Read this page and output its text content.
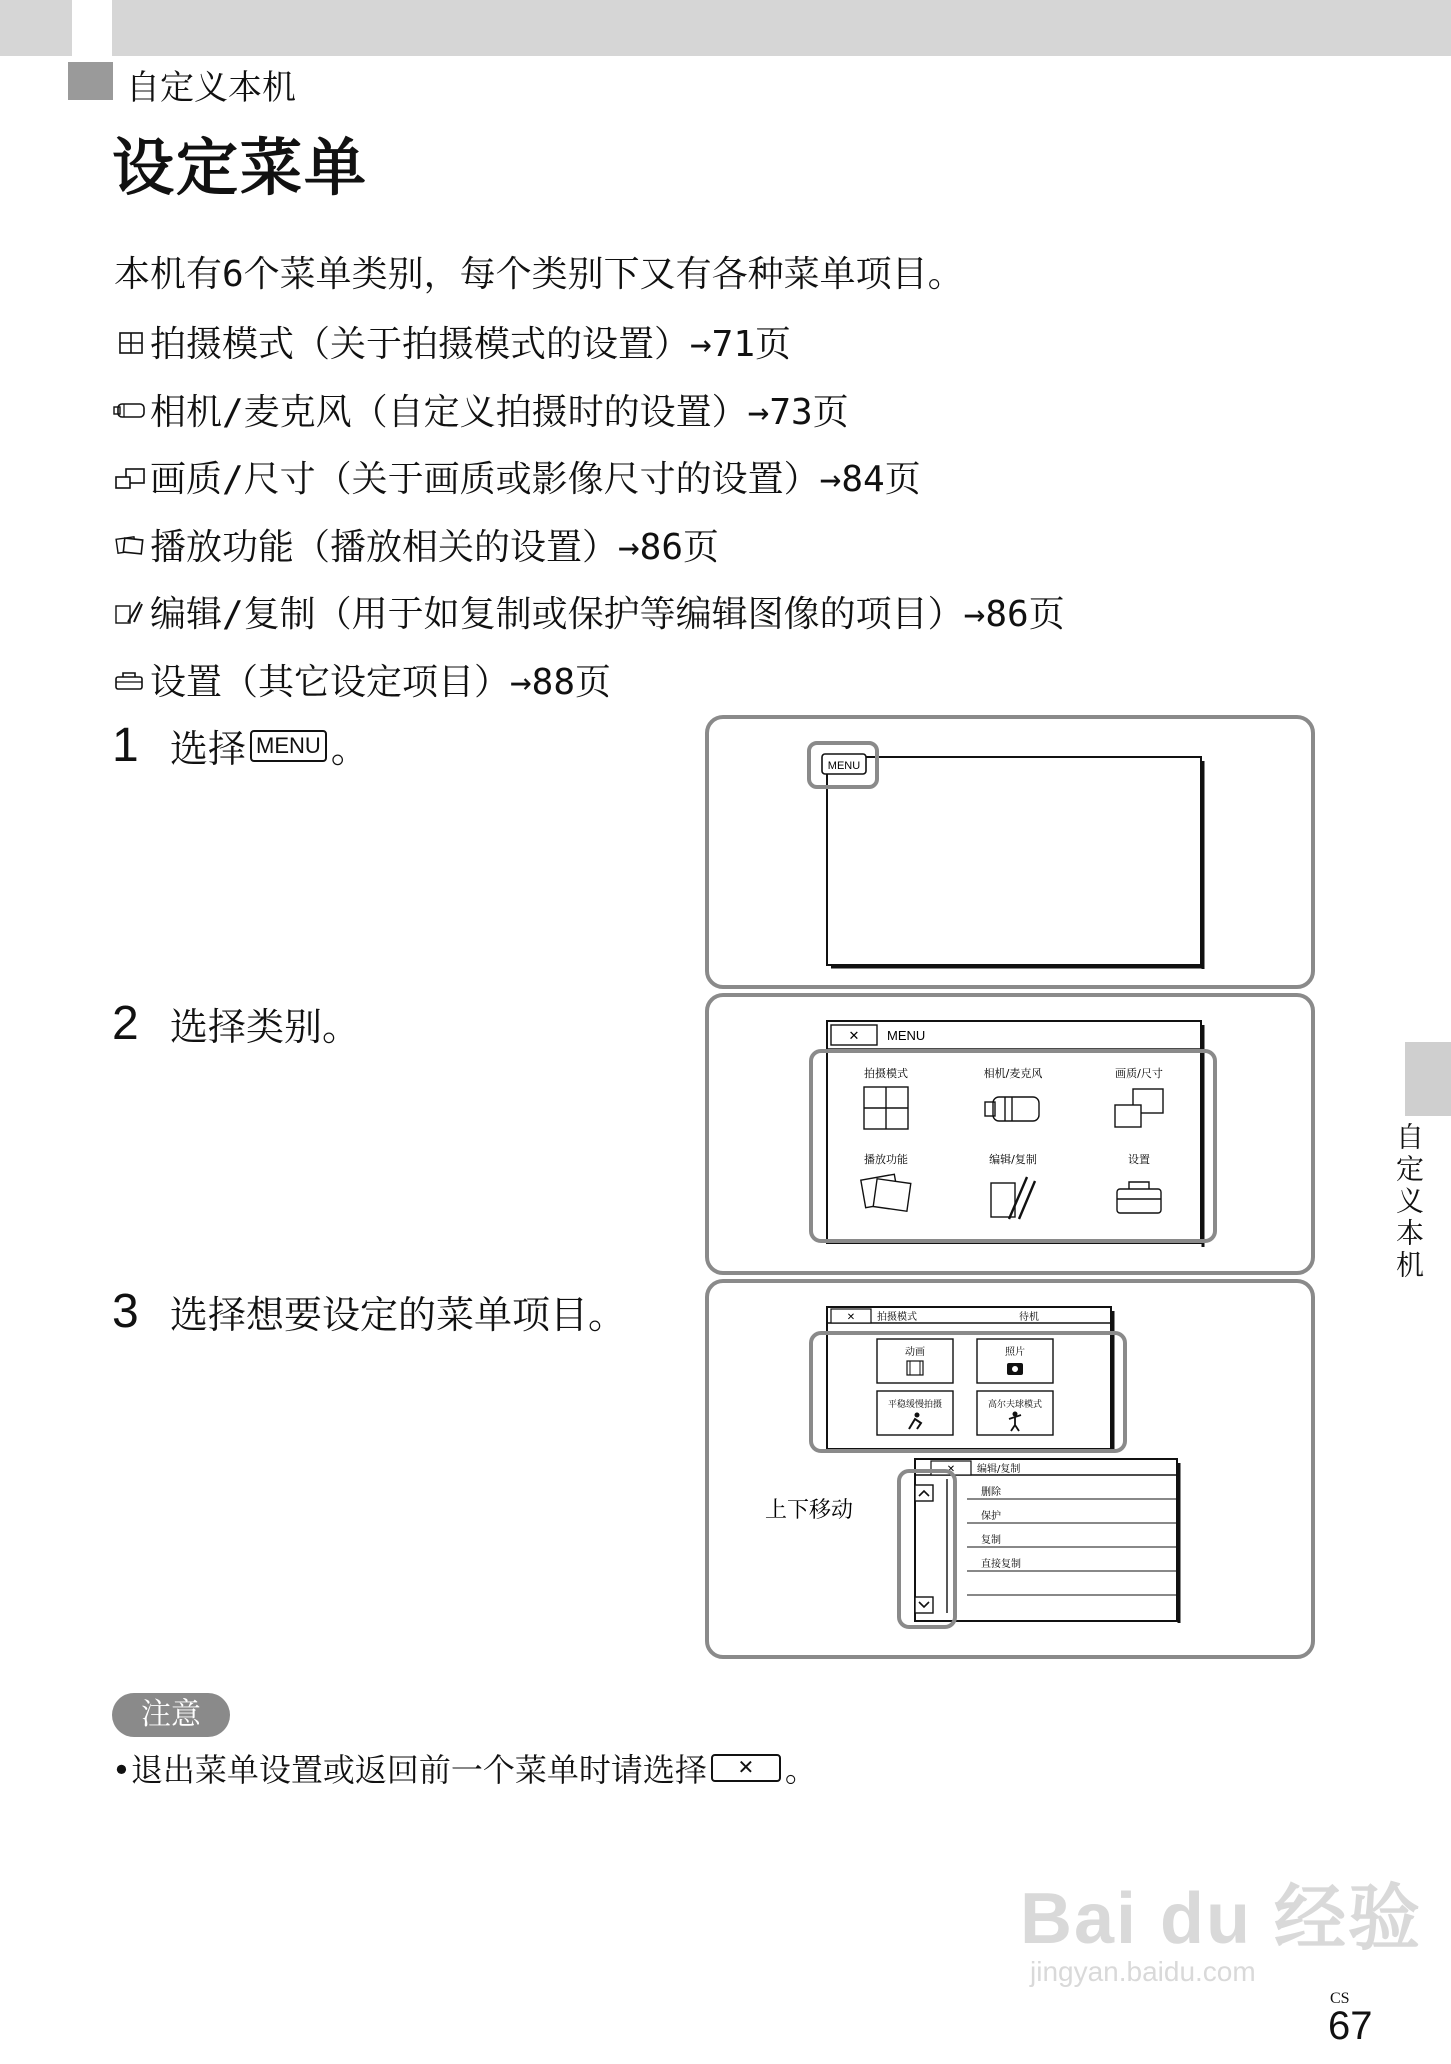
自定义本机
设定菜单

本机有6个菜单类别，每个类别下又有各种菜单项目。

拍摄模式（关于拍摄模式的设置）→71页
相机/麦克风（自定义拍摄时的设置）→73页
画质/尺寸（关于画质或影像尺寸的设置）→84页
播放功能（播放相关的设置）→86页
编辑/复制（用于如复制或保护等编辑图像的项目）→86页
设置（其它设定项目）→88页
1 选择 MENU 。
2 选择类别。
3 选择想要设定的菜单项目。
MENU
✕ MENU
拍摄模式	相机/麦克风	画质/尺寸
播放功能	编辑/复制	设置
✕ 拍摄模式	待机
动画	照片
平稳缓慢拍摄	高尔夫球模式
上下移动
✕ 编辑/复制
删除
保护
复制
直接复制
自定义本机
注意
•退出菜单设置或返回前一个菜单时请选择	✕ 。
Bai du 经验
jingyan.baidu.com
CS
67
